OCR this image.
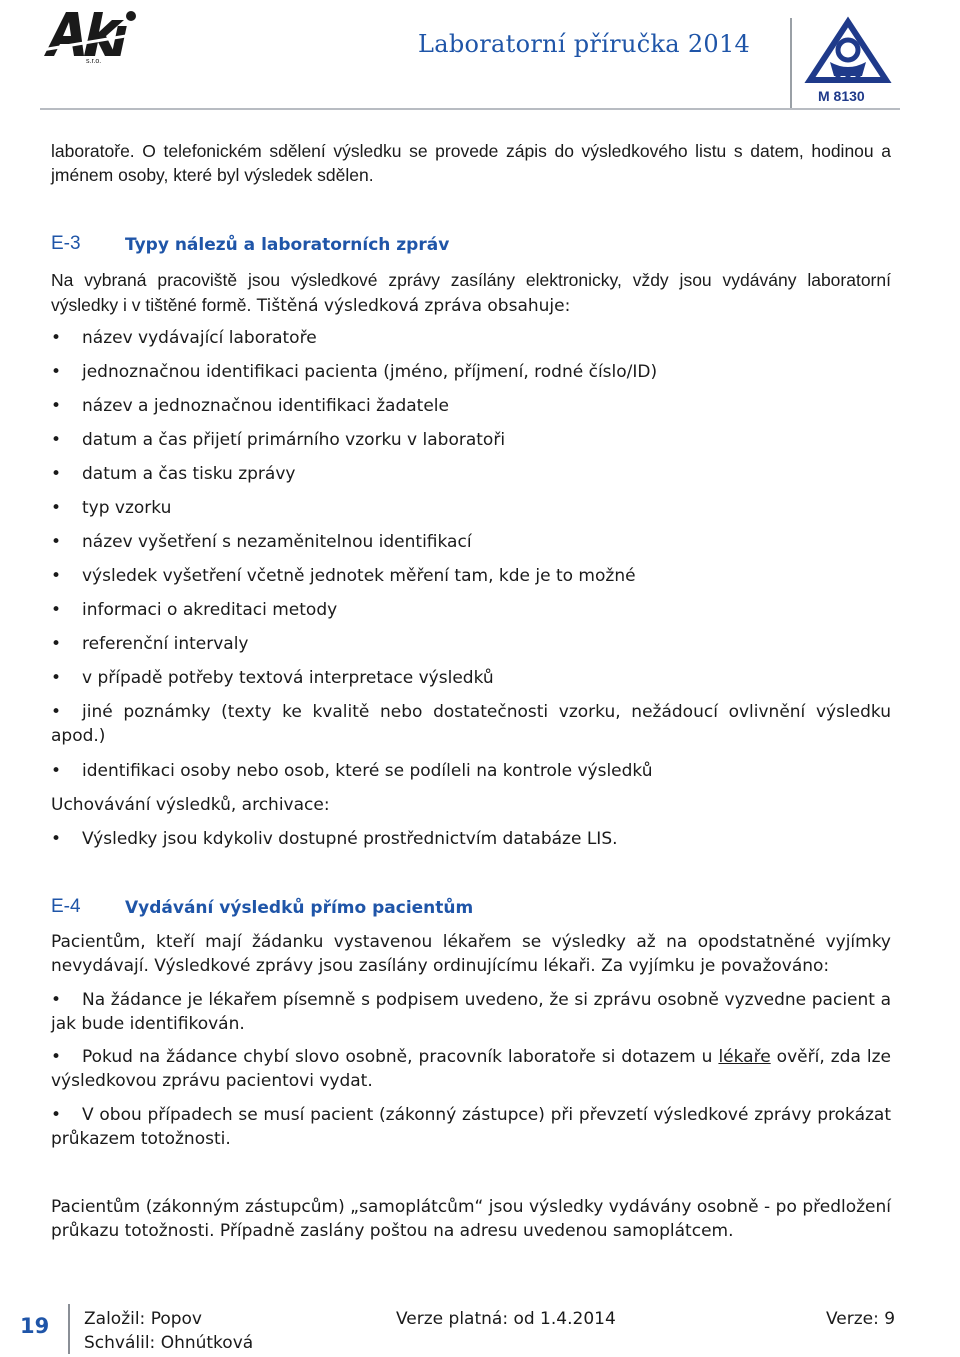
s.r.o.
Laboratorní příručka 2014
M 8130
laboratoře. O telefonickém sdělení výsledku se provede zápis do výsledkového listu s datem, hodinou a jménem osoby, které byl výsledek sdělen.
E-3	Typy nálezů a laboratorních zpráv
Na vybraná pracoviště jsou výsledkové zprávy zasílány elektronicky, vždy jsou vydávány laboratorní výsledky i v tištěné formě. Tištěná výsledková zpráva obsahuje:
• název vydávající laboratoře
• jednoznačnou identifikaci pacienta (jméno, příjmení, rodné číslo/ID)
• název a jednoznačnou identifikaci žadatele
• datum a čas přijetí primárního vzorku v laboratoři
• datum a čas tisku zprávy
• typ vzorku
• název vyšetření s nezaměnitelnou identifikací
• výsledek vyšetření včetně jednotek měření tam, kde je to možné
• informaci o akreditaci metody
• referenční intervaly
• v případě potřeby textová interpretace výsledků
• jiné poznámky (texty ke kvalitě nebo dostatečnosti vzorku, nežádoucí ovlivnění výsledku apod.)
• identifikaci osoby nebo osob, které se podíleli na kontrole výsledků
Uchovávání výsledků, archivace:
• Výsledky jsou kdykoliv dostupné prostřednictvím databáze LIS.
E-4	Vydávání výsledků přímo pacientům
Pacientům, kteří mají žádanku vystavenou lékařem se výsledky až na opodstatněné vyjímky nevydávají. Výsledkové zprávy jsou zasílány ordinujícímu lékaři. Za vyjímku je považováno:
• Na žádance je lékařem písemně s podpisem uvedeno, že si zprávu osobně vyzvedne pacient a jak bude identifikován.
• Pokud na žádance chybí slovo osobně, pracovník laboratoře si dotazem u lékaře ověří, zda lze výsledkovou zprávu pacientovi vydat.
• V obou případech se musí pacient (zákonný zástupce) při převzetí výsledkové zprávy prokázat průkazem totožnosti.
Pacientům (zákonným zástupcům) „samoplátcům“ jsou výsledky vydávány osobně - po předložení průkazu totožnosti. Případně zaslány poštou na adresu uvedenou samoplátcem.
19 Založil: Popov
Schválil: Ohnútková
Verze platná: od 1.4.2014	Verze: 9
